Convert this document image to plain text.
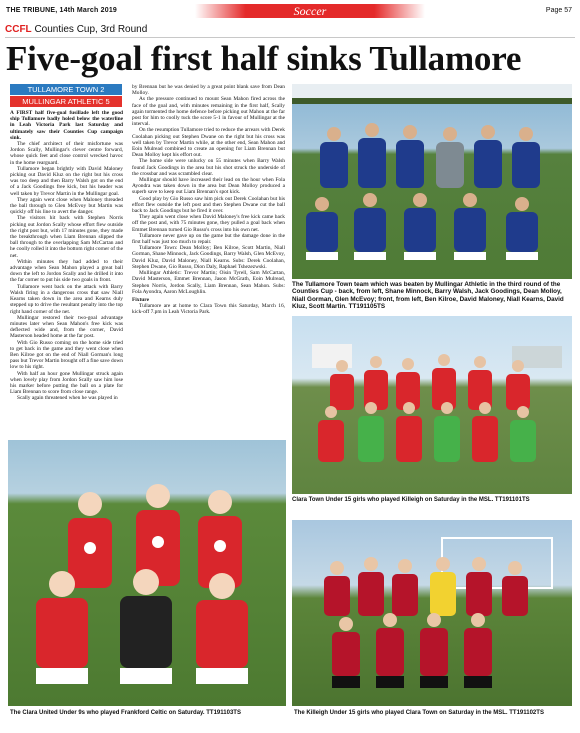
THE TRIBUNE, 14th March 2019	Soccer	Page 57
CCFL Counties Cup, 3rd Round
Five-goal first half sinks Tullamore
TULLAMORE TOWN 2
MULLINGAR ATHLETIC 5

A FIRST half five-goal fusillade left the good ship Tullamore badly holed below the waterline in Leah Victoria Park last Saturday and ultimately saw their Counties Cup campaign sink.

The chief architect of their misfortune was Jordon Scally, Mullingar's clever centre forward, whose quick feet and close control wrecked havoc in the home rearguard.

Tullamore began brightly with David Maloney picking out David Kluz on the right but his cross was too deep and then Barry Walsh got on the end of a Jack Goodings free kick, but his header was well taken by Trevor Martin in the Mullingar goal.

They again went close when Maloney threaded the ball through to Glen McEvoy but Martin was quickly off his line to avert the danger.

The visitors hit back with Stephen Norris picking out Jordon Scally whose effort flew outside the right post but, with 17 minutes gone, they made the breakthrough when Liam Brennan slipped the ball through to the overlapping Sam McCartan and he coolly rolled it into the bottom right corner of the net.

Within minutes they had added to their advantage when Sean Mahon played a great ball down the left to Jordon Scally and he drilled it into the far corner to put his side two goals in front.

Tullamore went back on the attack with Barry Walsh firing in a dangerous cross that saw Niall Kearns taken down in the area and Kearns duly stepped up to drive the resultant penalty into the top right hand corner of the net.

Mullingar restored their two-goal advantage minutes later when Sean Mahon's free kick was deflected wide and, from the corner, David Masterson headed home at the far post.

With Gio Russo coming on the home side tried to get back in the game and they went close when Ben Kilroe got on the end of Niall Gorman's long pass but Trevor Martin brought off a fine save down low to his right.

With half an hour gone Mullingar struck again when lovely play from Jordon Scally saw him lose his marker before putting the ball on a plate for Liam Brennan to score from close range.

Scally again threatened when he was played in

by Brennan but he was denied by a great point blank save from Dean Molloy.

As the pressure continued to mount Sean Mahon fired across the face of the goal and, with minutes remaining in the first half, Scally again tormented the home defence before picking out Mahon at the far post for him to coolly tuck the score 5-1 in favour of Mullingar at the interval.

On the resumption Tullamore tried to reduce the arrears with Derek Coolahan picking out Stephen Dwane on the right but his cross was well taken by Trevor Martin while, at the other end, Sean Mahon and Eoin Mulread combined to create an opening for Liam Brennan but Dean Molloy kept his effort out.

The home side were unlucky on 55 minutes when Barry Walsh found Jack Goodings in the area but his shot struck the underside of the crossbar and was scrambled clear.

Mullingar should have increased their lead on the hour when Fola Ayondra was taken down in the area but Dean Molloy produced a superb save to keep out Liam Brennan's spot kick.

Good play by Gio Russo saw him pick out Derek Coolahan but his effort flew outside the left post and then Stephen Dwane cut the ball back to Jack Goodings but he fired it over.

They again went close when David Maloney's free kick came back off the post and, with 75 minutes gone, they pulled a goal back when Emmet Brennan turned Gio Russo's cross into his own net.

Tullamore never gave up on the game but the damage done in the first half was just too much to repair.

Tullamore Town: Dean Molloy; Ben Kilroe, Scott Martin, Niall Gorman, Shane Minnock, Jack Goodings, Barry Walsh, Glen McEvoy, David Kluz, David Maloney, Niall Kearns. Subs: Derek Coolahan, Stephen Dwane, Gio Russo, Dion Daly, Raphael Tshezezwski.

Mullingar Athletic: Trevor Martin; Oisin Tyrell, Sam McCartan, David Masterson, Emmet Brennan, Jason McGrath, Eoin Mulread, Stephen Norris, Jordon Scally, Liam Brennan, Sean Mahon. Subs: Fola Ayondra, Aaron McLoughlin.

Fixture

Tullamore are at home to Clara Town this Saturday, March 16, kick-off 7.pm in Leah Victoria Park.

The Tullamore Town team which was beaten by Mullingar Athletic in the third round of the Counties Cup - back, from left, Shane Minnock, Barry Walsh, Jack Goodings, Dean Molloy, Niall Gorman, Glen McEvoy; front, from left, Ben Kilroe, David Maloney, Niall Kearns, David Kluz, Scott Martin. TT191105TS
Clara Town Under 15 girls who played Killeigh on Saturday in the MSL. TT191101TS
The Clara United Under 9s who played Frankford Celtic on Saturday. TT191103TS	The Killeigh Under 15 girls who played Clara Town on Saturday in the MSL. TT191102TS
